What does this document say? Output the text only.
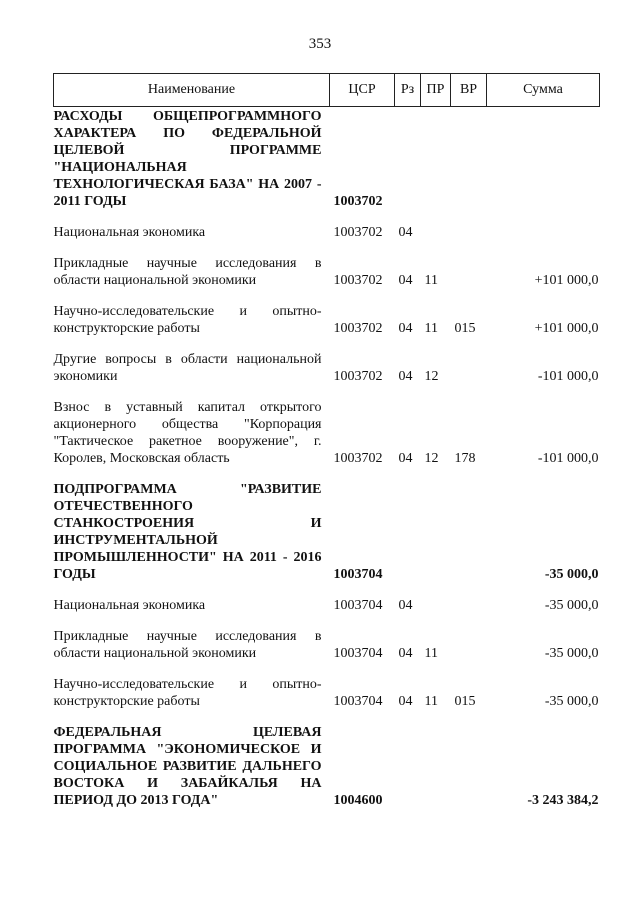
353
Наименование	ЦСР	Рз	ПР	ВР	Сумма
РАСХОДЫ ОБЩЕПРОГРАММНОГО ХАРАКТЕРА ПО ФЕДЕРАЛЬНОЙ ЦЕЛЕВОЙ ПРОГРАММЕ "НАЦИОНАЛЬНАЯ ТЕХНОЛОГИЧЕСКАЯ БАЗА" НА 2007 - 2011 ГОДЫ	1003702				
Национальная экономика	1003702	04			
Прикладные научные исследования в области национальной экономики	1003702	04	11		+101 000,0
Научно-исследовательские и опытно-конструкторские работы	1003702	04	11	015	+101 000,0
Другие вопросы в области национальной экономики	1003702	04	12		-101 000,0
Взнос в уставный капитал открытого акционерного общества "Корпорация "Тактическое ракетное вооружение", г. Королев, Московская область	1003702	04	12	178	-101 000,0
ПОДПРОГРАММА "РАЗВИТИЕ ОТЕЧЕСТВЕННОГО СТАНКОСТРОЕНИЯ И ИНСТРУМЕНТАЛЬНОЙ ПРОМЫШЛЕННОСТИ" НА 2011 - 2016 ГОДЫ	1003704				-35 000,0
Национальная экономика	1003704	04			-35 000,0
Прикладные научные исследования в области национальной экономики	1003704	04	11		-35 000,0
Научно-исследовательские и опытно-конструкторские работы	1003704	04	11	015	-35 000,0
ФЕДЕРАЛЬНАЯ ЦЕЛЕВАЯ ПРОГРАММА "ЭКОНОМИЧЕСКОЕ И СОЦИАЛЬНОЕ РАЗВИТИЕ ДАЛЬНЕГО ВОСТОКА И ЗАБАЙКАЛЬЯ НА ПЕРИОД ДО 2013 ГОДА"	1004600				-3 243 384,2
